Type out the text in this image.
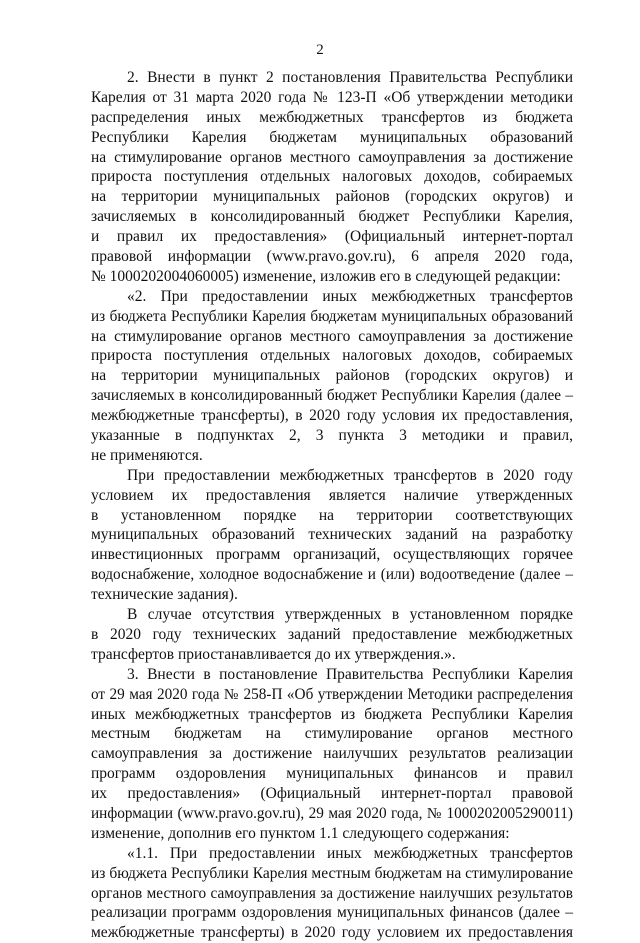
2
2. Внести в пункт 2 постановления Правительства Республики
Карелия от 31 марта 2020 года № 123-П «Об утверждении методики
распределения иных межбюджетных трансфертов из бюджета
Республики Карелия бюджетам муниципальных образований
на стимулирование органов местного самоуправления за достижение
прироста поступления отдельных налоговых доходов, собираемых
на территории муниципальных районов (городских округов) и
зачисляемых в консолидированный бюджет Республики Карелия,
и правил их предоставления» (Официальный интернет-портал
правовой информации (www.pravo.gov.ru), 6 апреля 2020 года,
№ 1000202004060005) изменение, изложив его в следующей редакции:
«2. При предоставлении иных межбюджетных трансфертов
из бюджета Республики Карелия бюджетам муниципальных образований
на стимулирование органов местного самоуправления за достижение
прироста поступления отдельных налоговых доходов, собираемых
на территории муниципальных районов (городских округов) и
зачисляемых в консолидированный бюджет Республики Карелия (далее –
межбюджетные трансферты), в 2020 году условия их предоставления,
указанные в подпунктах 2, 3 пункта 3 методики и правил,
не применяются.
При предоставлении межбюджетных трансфертов в 2020 году
условием их предоставления является наличие утвержденных
в установленном порядке на территории соответствующих
муниципальных образований технических заданий на разработку
инвестиционных программ организаций, осуществляющих горячее
водоснабжение, холодное водоснабжение и (или) водоотведение (далее –
технические задания).
В случае отсутствия утвержденных в установленном порядке
в 2020 году технических заданий предоставление межбюджетных
трансфертов приостанавливается до их утверждения.».
3. Внести в постановление Правительства Республики Карелия
от 29 мая 2020 года № 258-П «Об утверждении Методики распределения
иных межбюджетных трансфертов из бюджета Республики Карелия
местным бюджетам на стимулирование органов местного
самоуправления за достижение наилучших результатов реализации
программ оздоровления муниципальных финансов и правил
их предоставления» (Официальный интернет-портал правовой
информации (www.pravo.gov.ru), 29 мая 2020 года, № 1000202005290011)
изменение, дополнив его пунктом 1.1 следующего содержания:
«1.1. При предоставлении иных межбюджетных трансфертов
из бюджета Республики Карелия местным бюджетам на стимулирование
органов местного самоуправления за достижение наилучших результатов
реализации программ оздоровления муниципальных финансов (далее –
межбюджетные трансферты) в 2020 году условием их предоставления
